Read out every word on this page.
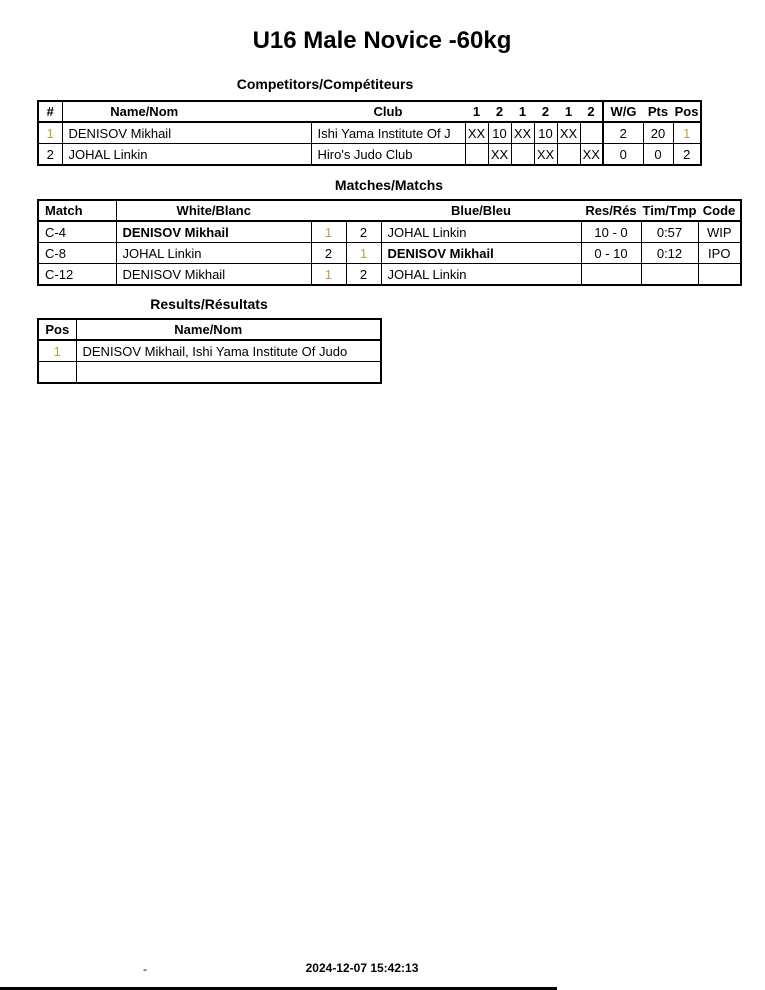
U16 Male Novice -60kg
Competitors/Compétiteurs
#	Name/Nom	Club	1	2	1	2	1	2	W/G	Pts	Pos
1	DENISOV Mikhail	Ishi Yama Institute Of J	XX	10	XX	10	XX		2	20	1
2	JOHAL Linkin	Hiro's Judo Club		XX		XX		XX	0	0	2
Matches/Matchs
Match	White/Blanc			Blue/Bleu	Res/Rés	Tim/Tmp	Code
C-4	DENISOV Mikhail	1	2	JOHAL Linkin	10 - 0	0:57	WIP
C-8	JOHAL Linkin	2	1	DENISOV Mikhail	0 - 10	0:12	IPO
C-12	DENISOV Mikhail	1	2	JOHAL Linkin			
Results/Résultats
Pos	Name/Nom
1	DENISOV Mikhail, Ishi Yama Institute Of Judo

-	2024-12-07 15:42:13
